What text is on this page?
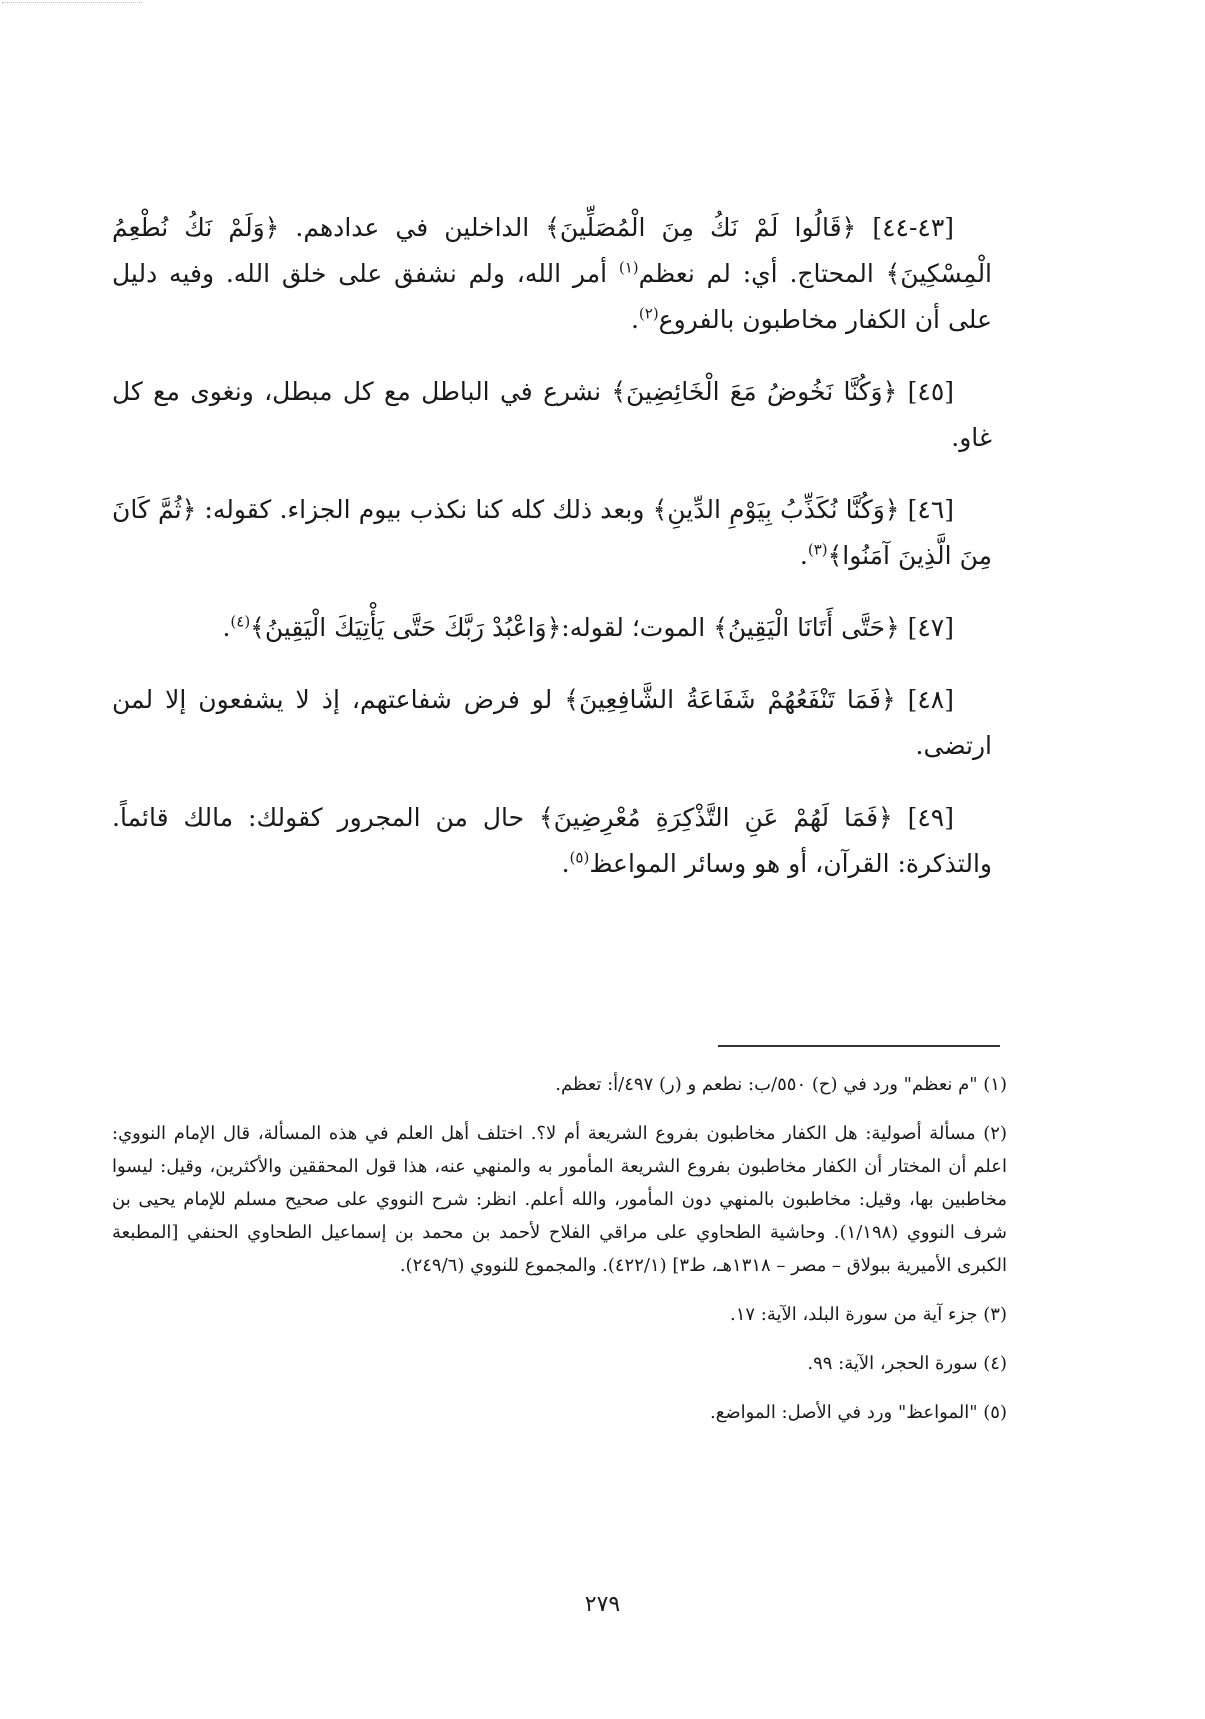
[٤٣-٤٤] ﴿قَالُوا لَمْ نَكُ مِنَ الْمُصَلِّينَ﴾ الداخلين في عدادهم. ﴿وَلَمْ نَكُ نُطْعِمُ الْمِسْكِينَ﴾ المحتاج. أي: لم نعظم$^{(١)}$ أمر الله، ولم نشفق على خلق الله. وفيه دليل على أن الكفار مخاطبون بالفروع$^{(٢)}$.

[٤٥] ﴿وَكُنَّا نَخُوضُ مَعَ الْخَائِضِينَ﴾ نشرع في الباطل مع كل مبطل، ونغوى مع كل غاو.

[٤٦] ﴿وَكُنَّا نُكَذِّبُ بِيَوْمِ الدِّينِ﴾ وبعد ذلك كله كنا نكذب بيوم الجزاء. كقوله: ﴿ثُمَّ كَانَ مِنَ الَّذِينَ آمَنُوا﴾$^{(٣)}$.

[٤٧] ﴿حَتَّى أَتَانَا الْيَقِينُ﴾ الموت؛ لقوله:﴿وَاعْبُدْ رَبَّكَ حَتَّى يَأْتِيَكَ الْيَقِينُ﴾$^{(٤)}$.

[٤٨] ﴿فَمَا تَنْفَعُهُمْ شَفَاعَةُ الشَّافِعِينَ﴾ لو فرض شفاعتهم، إذ لا يشفعون إلا لمن ارتضى.

[٤٩] ﴿فَمَا لَهُمْ عَنِ التَّذْكِرَةِ مُعْرِضِينَ﴾ حال من المجرور كقولك: مالك قائماً. والتذكرة: القرآن، أو هو وسائر المواعظ$^{(٥)}$.

(١) "م نعظم" ورد في (ح) ٥٥٠/ب: نطعم و (ر) ٤٩٧/أ: تعظم.

(٢) مسألة أصولية: هل الكفار مخاطبون بفروع الشريعة أم لا؟. اختلف أهل العلم في هذه المسألة، قال الإمام النووي: اعلم أن المختار أن الكفار مخاطبون بفروع الشريعة المأمور به والمنهي عنه، هذا قول المحققين والأكثرين، وقيل: ليسوا مخاطبين بها، وقيل: مخاطبون بالمنهي دون المأمور، والله أعلم. انظر: شرح النووي على صحيح مسلم للإمام يحيى بن شرف النووي (١/١٩٨). وحاشية الطحاوي على مراقي الفلاح لأحمد بن محمد بن إسماعيل الطحاوي الحنفي [المطبعة الكبرى الأميرية ببولاق – مصر – ١٣١٨هـ، ط٣] (٤٢٢/١). والمجموع للنووي (٢٤٩/٦).

(٣) جزء آية من سورة البلد، الآية: ١٧.

(٤) سورة الحجر، الآية: ٩٩.

(٥) "المواعظ" ورد في الأصل: المواضع.

٢٧٩
